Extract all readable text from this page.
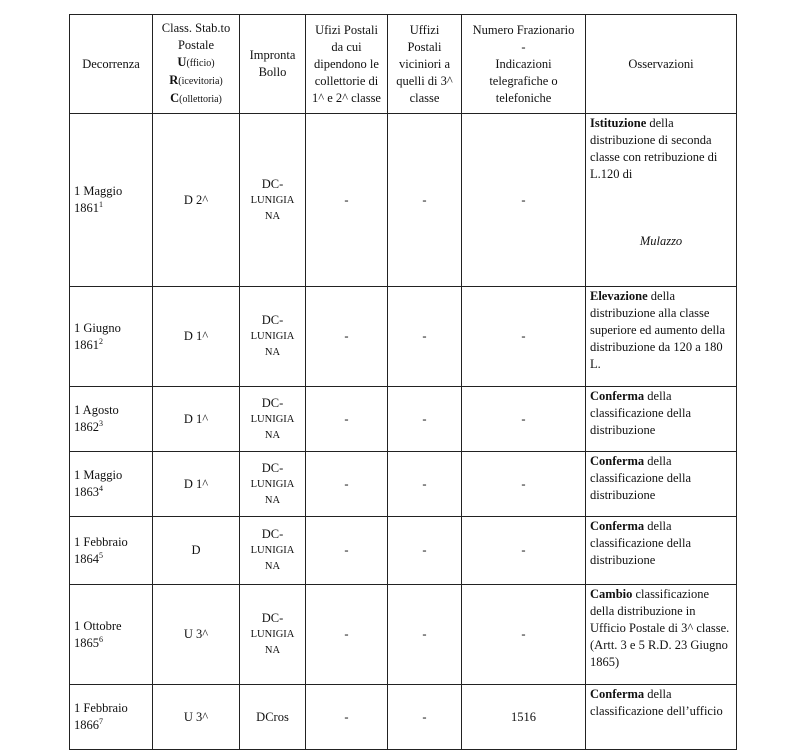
Decorrenza	Class. Stab.to
Postale
U(fficio)
R(icevitoria)
C(ollettoria)	Impronta Bollo	Ufizi Postali da cui dipendono le collettorie di 1^ e 2^ classe	Uffizi Postali viciniori a quelli di 3^ classe	Numero Frazionario
-
Indicazioni telegrafiche o telefoniche	Osservazioni
1 Maggio 1861$^1$	D 2^	DC-
LUNIGIA NA	-	-	-	Istituzione della distribuzione di seconda classe con retribuzione di L.120 di
Mulazzo

1 Giugno 1861$^2$	D 1^	DC-
LUNIGIA NA	-	-	-	Elevazione della distribuzione alla classe superiore ed aumento della distribuzione da 120 a 180 L.
1 Agosto 1862$^3$	D 1^	DC-
LUNIGIA NA	-	-	-	Conferma della classificazione della distribuzione
1 Maggio 1863$^4$	D 1^	DC-
LUNIGIA NA	-	-	-	Conferma della classificazione della distribuzione
1 Febbraio 1864$^5$	D	DC-
LUNIGIA NA	-	-	-	Conferma della classificazione della distribuzione
1 Ottobre 1865$^6$	U 3^	DC-
LUNIGIA NA	-	-	-	Cambio classificazione della distribuzione in Ufficio Postale di 3^ classe. (Artt. 3 e 5 R.D. 23 Giugno 1865)
1 Febbraio 1866$^7$	U 3^	DCros	-	-	1516	Conferma della classificazione dell’ufficio
